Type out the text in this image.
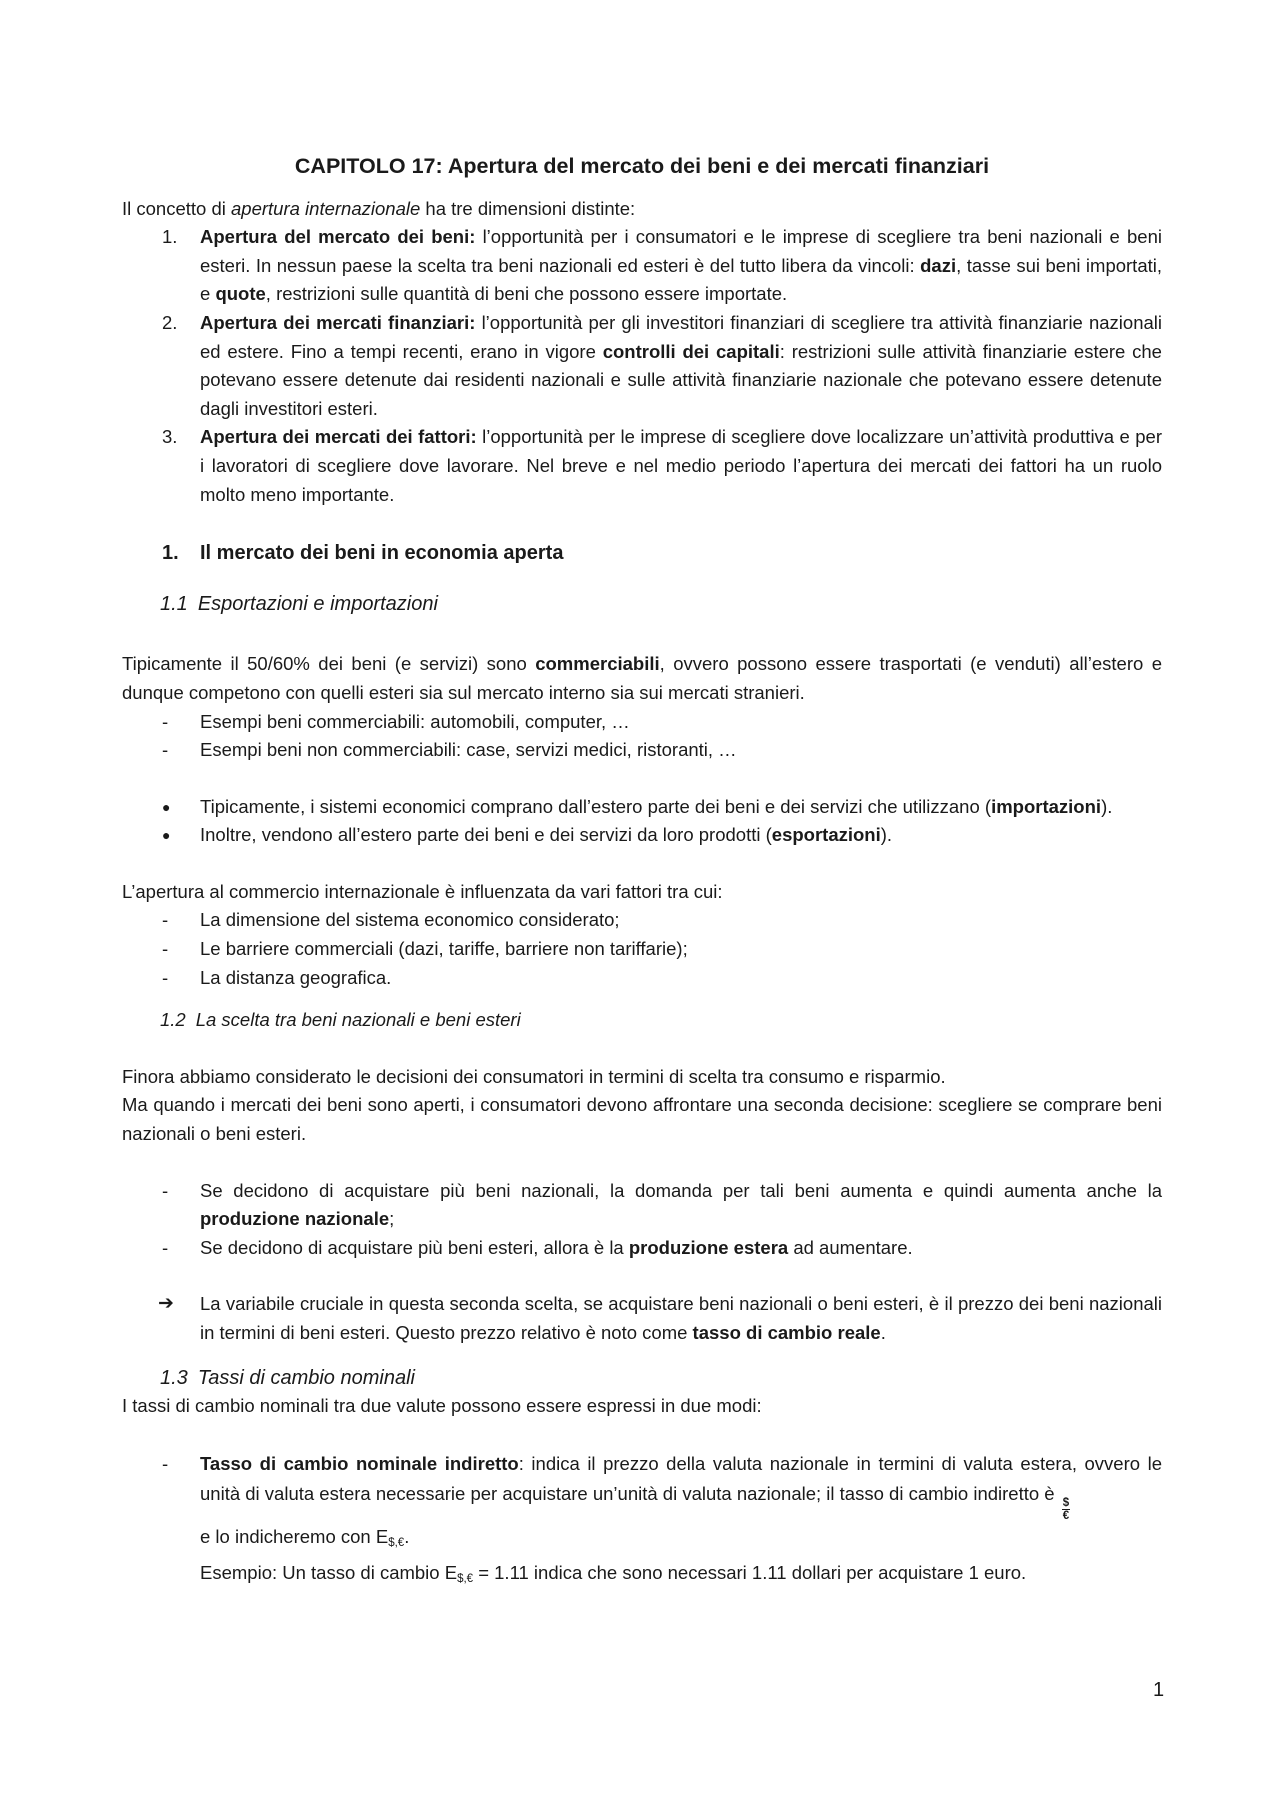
CAPITOLO 17: Apertura del mercato dei beni e dei mercati finanziari

Il concetto di apertura internazionale ha tre dimensioni distinte:

1. Apertura del mercato dei beni: l’opportunità per i consumatori e le imprese di scegliere tra beni nazionali e beni esteri. In nessun paese la scelta tra beni nazionali ed esteri è del tutto libera da vincoli: dazi, tasse sui beni importati, e quote, restrizioni sulle quantità di beni che possono essere importate.
2. Apertura dei mercati finanziari: l’opportunità per gli investitori finanziari di scegliere tra attività finanziarie nazionali ed estere. Fino a tempi recenti, erano in vigore controlli dei capitali: restrizioni sulle attività finanziarie estere che potevano essere detenute dai residenti nazionali e sulle attività finanziarie nazionale che potevano essere detenute dagli investitori esteri.
3. Apertura dei mercati dei fattori: l’opportunità per le imprese di scegliere dove localizzare un’attività produttiva e per i lavoratori di scegliere dove lavorare. Nel breve e nel medio periodo l’apertura dei mercati dei fattori ha un ruolo molto meno importante.
1. Il mercato dei beni in economia aperta
1.1 Esportazioni e importazioni

Tipicamente il 50/60% dei beni (e servizi) sono commerciabili, ovvero possono essere trasportati (e venduti) all’estero e dunque competono con quelli esteri sia sul mercato interno sia sui mercati stranieri.

- Esempi beni commerciabili: automobili, computer, …
- Esempi beni non commerciabili: case, servizi medici, ristoranti, …
● Tipicamente, i sistemi economici comprano dall’estero parte dei beni e dei servizi che utilizzano (importazioni).
● Inoltre, vendono all’estero parte dei beni e dei servizi da loro prodotti (esportazioni).

L’apertura al commercio internazionale è influenzata da vari fattori tra cui:

- La dimensione del sistema economico considerato;
- Le barriere commerciali (dazi, tariffe, barriere non tariffarie);
- La distanza geografica.
1.2 La scelta tra beni nazionali e beni esteri

Finora abbiamo considerato le decisioni dei consumatori in termini di scelta tra consumo e risparmio.

Ma quando i mercati dei beni sono aperti, i consumatori devono affrontare una seconda decisione: scegliere se comprare beni nazionali o beni esteri.

- Se decidono di acquistare più beni nazionali, la domanda per tali beni aumenta e quindi aumenta anche la produzione nazionale;
- Se decidono di acquistare più beni esteri, allora è la produzione estera ad aumentare.
➔ La variabile cruciale in questa seconda scelta, se acquistare beni nazionali o beni esteri, è il prezzo dei beni nazionali in termini di beni esteri. Questo prezzo relativo è noto come tasso di cambio reale.
1.3 Tassi di cambio nominali

I tassi di cambio nominali tra due valute possono essere espressi in due modi:

- Tasso di cambio nominale indiretto: indica il prezzo della valuta nazionale in termini di valuta estera, ovvero le unità di valuta estera necessarie per acquistare un’unità di valuta nazionale; il tasso di cambio indiretto è
$\frac{\$}{€}$

e lo indicheremo con $E_{\$,€}$.
Esempio: Un tasso di cambio $E_{\$,€} = 1.11$ indica che sono necessari 1.11 dollari per acquistare 1 euro.
1
